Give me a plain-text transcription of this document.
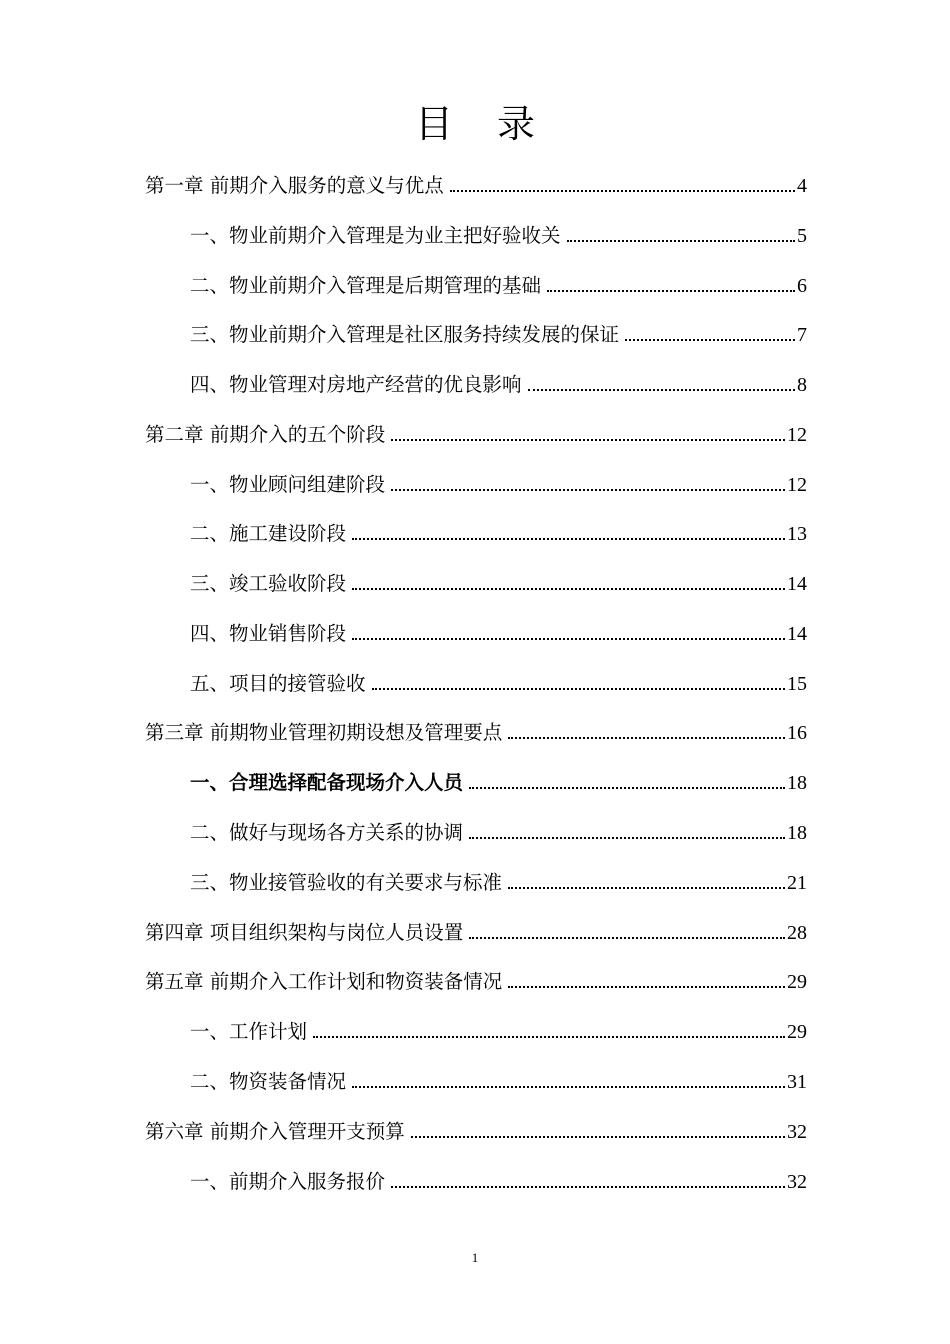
目录
第一章 前期介入服务的意义与优点	4
一、物业前期介入管理是为业主把好验收关	5
二、物业前期介入管理是后期管理的基础	6
三、物业前期介入管理是社区服务持续发展的保证	7
四、物业管理对房地产经营的优良影响	8
第二章 前期介入的五个阶段	12
一、物业顾问组建阶段	12
二、施工建设阶段	13
三、竣工验收阶段	14
四、物业销售阶段	14
五、项目的接管验收	15
第三章 前期物业管理初期设想及管理要点	16
一、合理选择配备现场介入人员	18
二、做好与现场各方关系的协调	18
三、物业接管验收的有关要求与标准	21
第四章 项目组织架构与岗位人员设置	28
第五章 前期介入工作计划和物资装备情况	29
一、工作计划	29
二、物资装备情况	31
第六章 前期介入管理开支预算	32
一、前期介入服务报价	32
1
